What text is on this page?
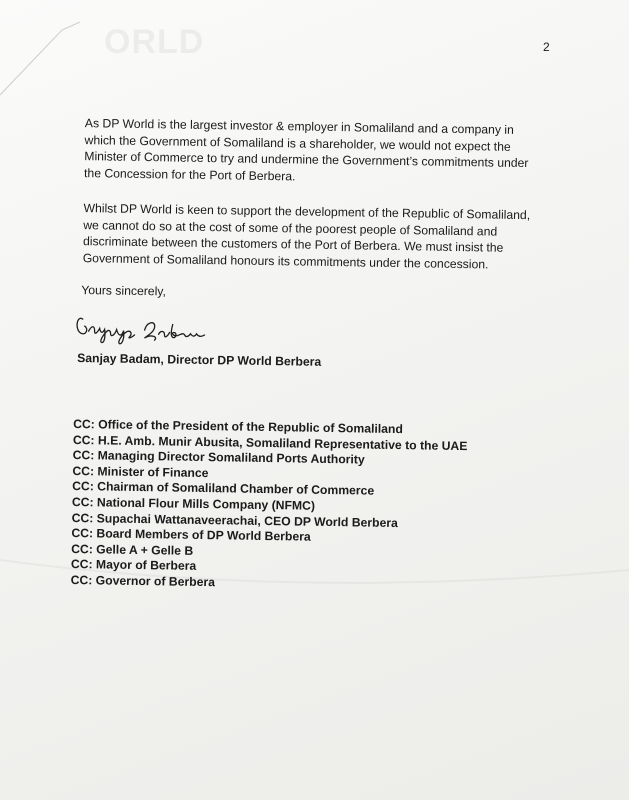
ORLD	2

As DP World is the largest investor & employer in Somaliland and a company in which the Government of Somaliland is a shareholder, we would not expect the Minister of Commerce to try and undermine the Government’s commitments under the Concession for the Port of Berbera.

Whilst DP World is keen to support the development of the Republic of Somaliland, we cannot do so at the cost of some of the poorest people of Somaliland and discriminate between the customers of the Port of Berbera. We must insist the Government of Somaliland honours its commitments under the concession.

Yours sincerely,
Sanjay Badam, Director DP World Berbera
CC: Office of the President of the Republic of Somaliland
CC: H.E. Amb. Munir Abusita, Somaliland Representative to the UAE
CC: Managing Director Somaliland Ports Authority
CC: Minister of Finance
CC: Chairman of Somaliland Chamber of Commerce
CC: National Flour Mills Company (NFMC)
CC: Supachai Wattanaveerachai, CEO DP World Berbera
CC: Board Members of DP World Berbera
CC: Gelle A + Gelle B
CC: Mayor of Berbera
CC: Governor of Berbera
